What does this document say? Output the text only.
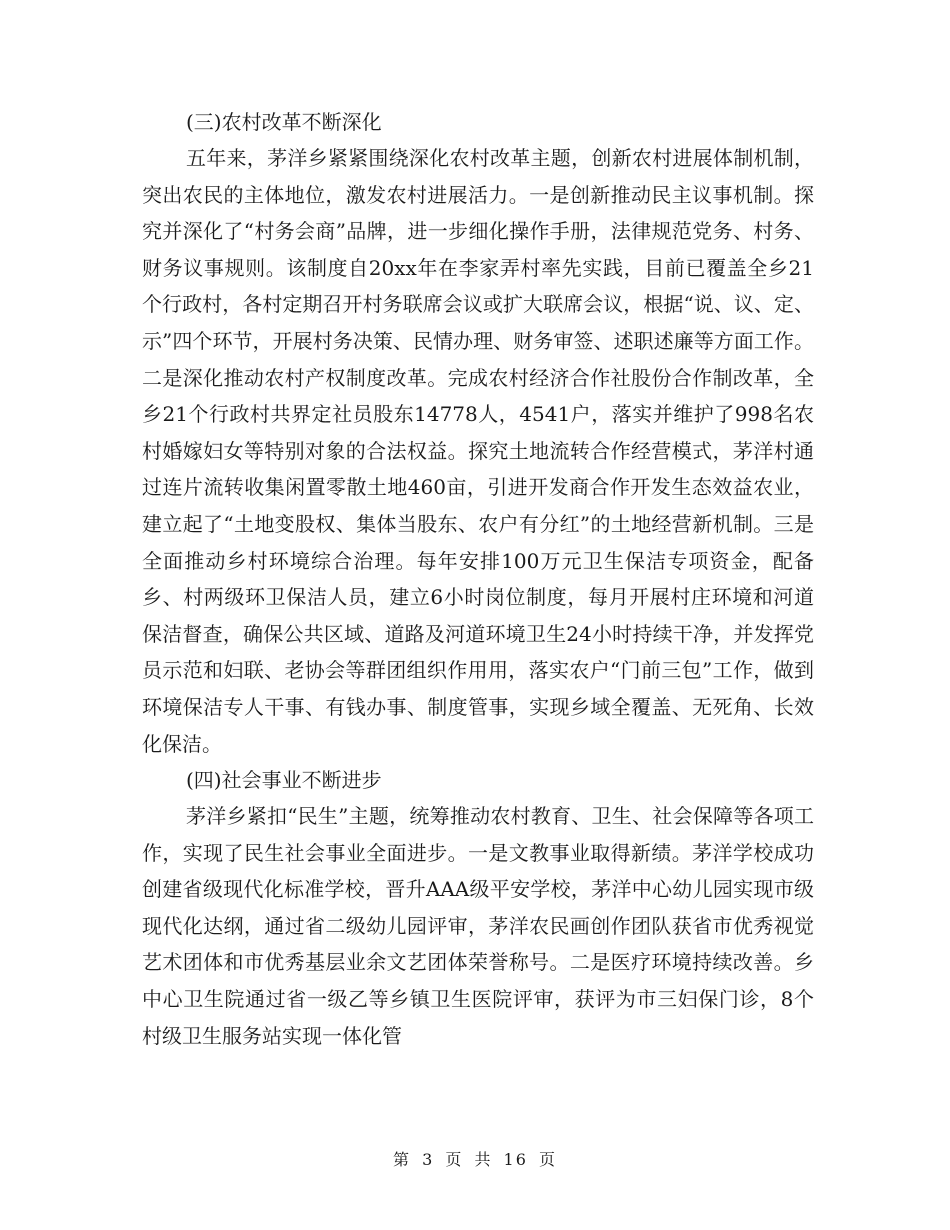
(三)农村改革不断深化

五年来，茅洋乡紧紧围绕深化农村改革主题，创新农村进展体制机制，突出农民的主体地位，激发农村进展活力。一是创新推动民主议事机制。探究并深化了“村务会商”品牌，进一步细化操作手册，法律规范党务、村务、财务议事规则。该制度自20xx年在李家弄村率先实践，目前已覆盖全乡21个行政村，各村定期召开村务联席会议或扩大联席会议，根据“说、议、定、示”四个环节，开展村务决策、民情办理、财务审签、述职述廉等方面工作。二是深化推动农村产权制度改革。完成农村经济合作社股份合作制改革，全乡21个行政村共界定社员股东14778人，4541户，落实并维护了998名农村婚嫁妇女等特别对象的合法权益。探究土地流转合作经营模式，茅洋村通过连片流转收集闲置零散土地460亩，引进开发商合作开发生态效益农业，建立起了“土地变股权、集体当股东、农户有分红”的土地经营新机制。三是全面推动乡村环境综合治理。每年安排100万元卫生保洁专项资金，配备乡、村两级环卫保洁人员，建立6小时岗位制度，每月开展村庄环境和河道保洁督查，确保公共区域、道路及河道环境卫生24小时持续干净，并发挥党员示范和妇联、老协会等群团组织作用用，落实农户“门前三包”工作，做到环境保洁专人干事、有钱办事、制度管事，实现乡域全覆盖、无死角、长效化保洁。

(四)社会事业不断进步

茅洋乡紧扣“民生”主题，统筹推动农村教育、卫生、社会保障等各项工作，实现了民生社会事业全面进步。一是文教事业取得新绩。茅洋学校成功创建省级现代化标准学校，晋升AAA级平安学校，茅洋中心幼儿园实现市级现代化达纲，通过省二级幼儿园评审，茅洋农民画创作团队获省市优秀视觉艺术团体和市优秀基层业余文艺团体荣誉称号。二是医疗环境持续改善。乡中心卫生院通过省一级乙等乡镇卫生医院评审，获评为市三妇保门诊，8个村级卫生服务站实现一体化管

第 3 页 共 16 页
